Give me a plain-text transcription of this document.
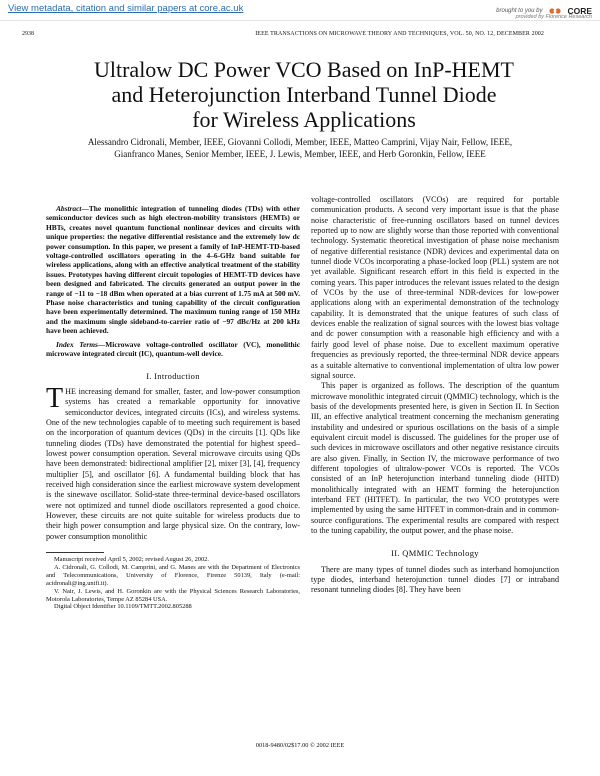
View metadata, citation and similar papers at core.ac.uk	brought to you by	CORE
provided by Florence Research
2938	IEEE TRANSACTIONS ON MICROWAVE THEORY AND TECHNIQUES, VOL. 50, NO. 12, DECEMBER 2002
Ultralow DC Power VCO Based on InP-HEMT
and Heterojunction Interband Tunnel Diode
for Wireless Applications
Alessandro Cidronali, Member, IEEE, Giovanni Collodi, Member, IEEE, Matteo Camprini, Vijay Nair, Fellow, IEEE,
Gianfranco Manes, Senior Member, IEEE, J. Lewis, Member, IEEE, and Herb Goronkin, Fellow, IEEE

Abstract—The monolithic integration of tunneling diodes (TDs) with other semiconductor devices such as high electron-mobility transistors (HEMTs) or HBTs, creates novel quantum functional nonlinear devices and circuits with unique properties: the negative differential resistance and the extremely low dc power consumption. In this paper, we present a family of InP-HEMT-TD-based voltage-controlled oscillators operating in the 4–6-GHz band suitable for wireless applications, along with an effective analytical treatment of the stability issues. Prototypes having different circuit topologies of HEMT-TD devices have been designed and fabricated. The circuits generated an output power in the range of −11 to −18 dBm when operated at a bias current of 1.75 mA at 500 mV. Phase noise characteristics and tuning capability of the circuit configuration have been experimentally determined. The maximum tuning range of 150 MHz and the maximum single sideband-to-carrier ratio of −97 dBc/Hz at 200 kHz have been achieved.

Index Terms—Microwave voltage-controlled oscillator (VC), monolithic microwave integrated circuit (IC), quantum-well device.

I. Introduction

THE increasing demand for smaller, faster, and low-power consumption systems has created a remarkable opportunity for innovative semiconductor devices, integrated circuits (ICs), and wireless systems. One of the new technologies capable of to meeting such requirement is based on the incorporation of quantum devices (QDs) in the circuits [1]. QDs like tunneling diodes (TDs) have demonstrated the potential for highest speed–lowest power consumption operation. Several microwave circuits using QDs have been demonstrated: bidirectional amplifier [2], mixer [3], [4], frequency multiplier [5], and oscillator [6]. A fundamental building block that has received high consideration since the earliest microwave system development is the sinewave oscillator. Solid-state three-terminal device-based oscillators were not optimized and tunnel diode oscillators represented a good choice. However, these circuits are not quite suitable for wireless products due to their high power consumption and large physical size. On the contrary, low-power consumption monolithic

Manuscript received April 5, 2002; revised August 26, 2002.

A. Cidronali, G. Collodi, M. Camprini, and G. Manes are with the Department of Electronics and Telecommunications, University of Florence, Firenze 50139, Italy (e-mail: acidronali@ing.unifi.it).

V. Nair, J. Lewis, and H. Goronkin are with the Physical Sciences Research Laboratories, Motorola Laboratories, Tempe AZ 85284 USA.

Digital Object Identifier 10.1109/TMTT.2002.805288

voltage-controlled oscillators (VCOs) are required for portable communication products. A second very important issue is that the phase noise characteristic of free-running oscillators based on tunnel devices reported up to now are slightly worse than those reported with conventional technology. Systematic theoretical investigation of phase noise mechanism of negative differential resistance (NDR) devices and experimental data on tunnel diode VCOs incorporating a phase-locked loop (PLL) system are not yet available. Significant research effort in this field is expected in the coming years. This paper introduces the relevant issues related to the design of VCOs by the use of three-terminal NDR-devices for low-power applications along with an experimental demonstration of the technology capability. It is demonstrated that the unique features of such class of devices enable the realization of signal sources with the lowest bias voltage and dc power consumption with a reasonable high efficiency and with a fairly good level of phase noise. Due to excellent maximum operative frequencies as previously reported, the three-terminal NDR device appears as a suitable alternative to conventional implementation of ultra low power signal source.

This paper is organized as follows. The description of the quantum microwave monolithic integrated circuit (QMMIC) technology, which is the basis of the developments presented here, is given in Section II. In Section III, an effective analytical treatment concerning the mechanism generating instability and undesired or spurious oscillations on the basis of a simple equivalent circuit model is discussed. The guidelines for the proper use of such devices in microwave oscillators and other negative resistance circuits are also given. Finally, in Section IV, the microwave performance of two different topologies of ultralow-power VCOs is reported. The VCOs consisted of an InP heterojunction interband tunneling diode (HITD) monolithically integrated with an HEMT forming the heterojunction interband FET (HITFET). In particular, the two VCO prototypes were implemented by using the same HITFET in common-drain and in common-source configurations. The experimental results are compared with respect to the tuning capability, the output power, and the phase noise.

II. QMMIC Technology

There are many types of tunnel diodes such as interband homojunction type diodes, interband heterojunction tunnel diodes [7] or intraband resonant tunneling diodes [8]. They have been

0018-9480/02$17.00 © 2002 IEEE
